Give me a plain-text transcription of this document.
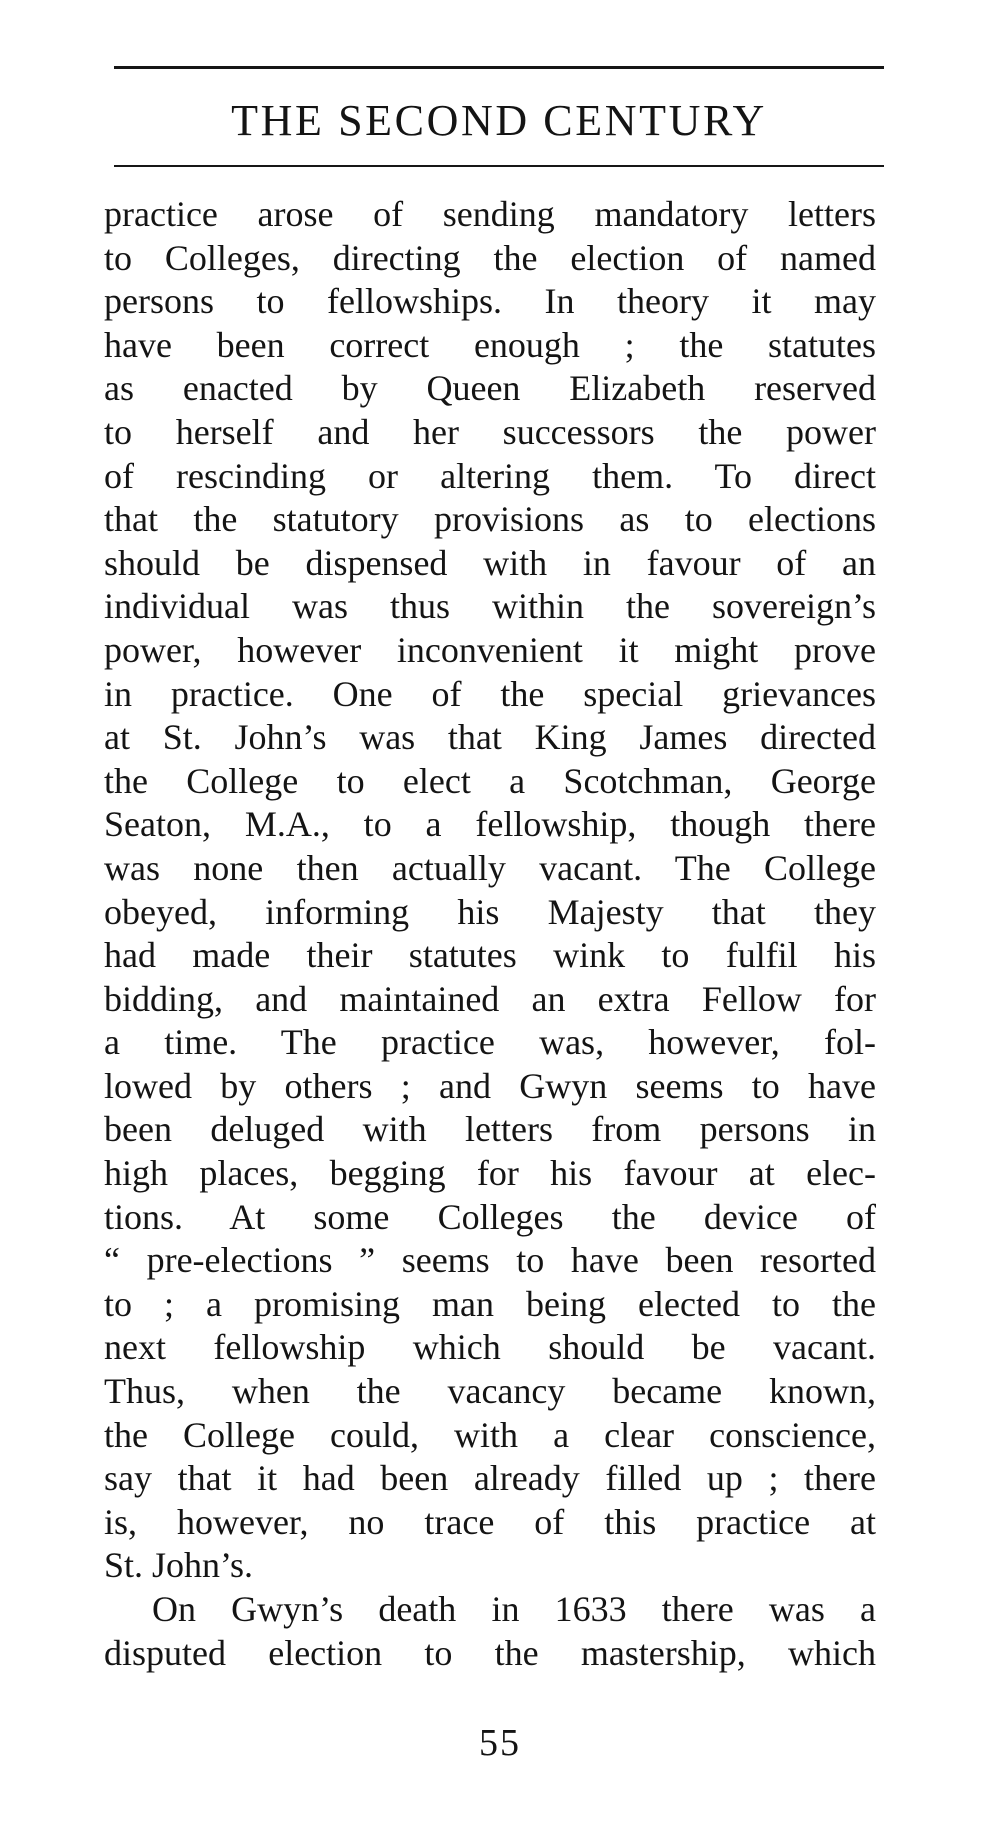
THE SECOND CENTURY
practice arose of sending mandatory letters
to Colleges, directing the election of named
persons to fellowships. In theory it may
have been correct enough ; the statutes
as enacted by Queen Elizabeth reserved
to herself and her successors the power
of rescinding or altering them. To direct
that the statutory provisions as to elections
should be dispensed with in favour of an
individual was thus within the sovereign’s
power, however inconvenient it might prove
in practice. One of the special grievances
at St. John’s was that King James directed
the College to elect a Scotchman, George
Seaton, M.A., to a fellowship, though there
was none then actually vacant. The College
obeyed, informing his Majesty that they
had made their statutes wink to fulfil his
bidding, and maintained an extra Fellow for
a time. The practice was, however, fol-
lowed by others ; and Gwyn seems to have
been deluged with letters from persons in
high places, begging for his favour at elec-
tions. At some Colleges the device of
“ pre-elections ” seems to have been resorted
to ; a promising man being elected to the
next fellowship which should be vacant.
Thus, when the vacancy became known,
the College could, with a clear conscience,
say that it had been already filled up ; there
is, however, no trace of this practice at
St. John’s.
On Gwyn’s death in 1633 there was a
disputed election to the mastership, which
55
